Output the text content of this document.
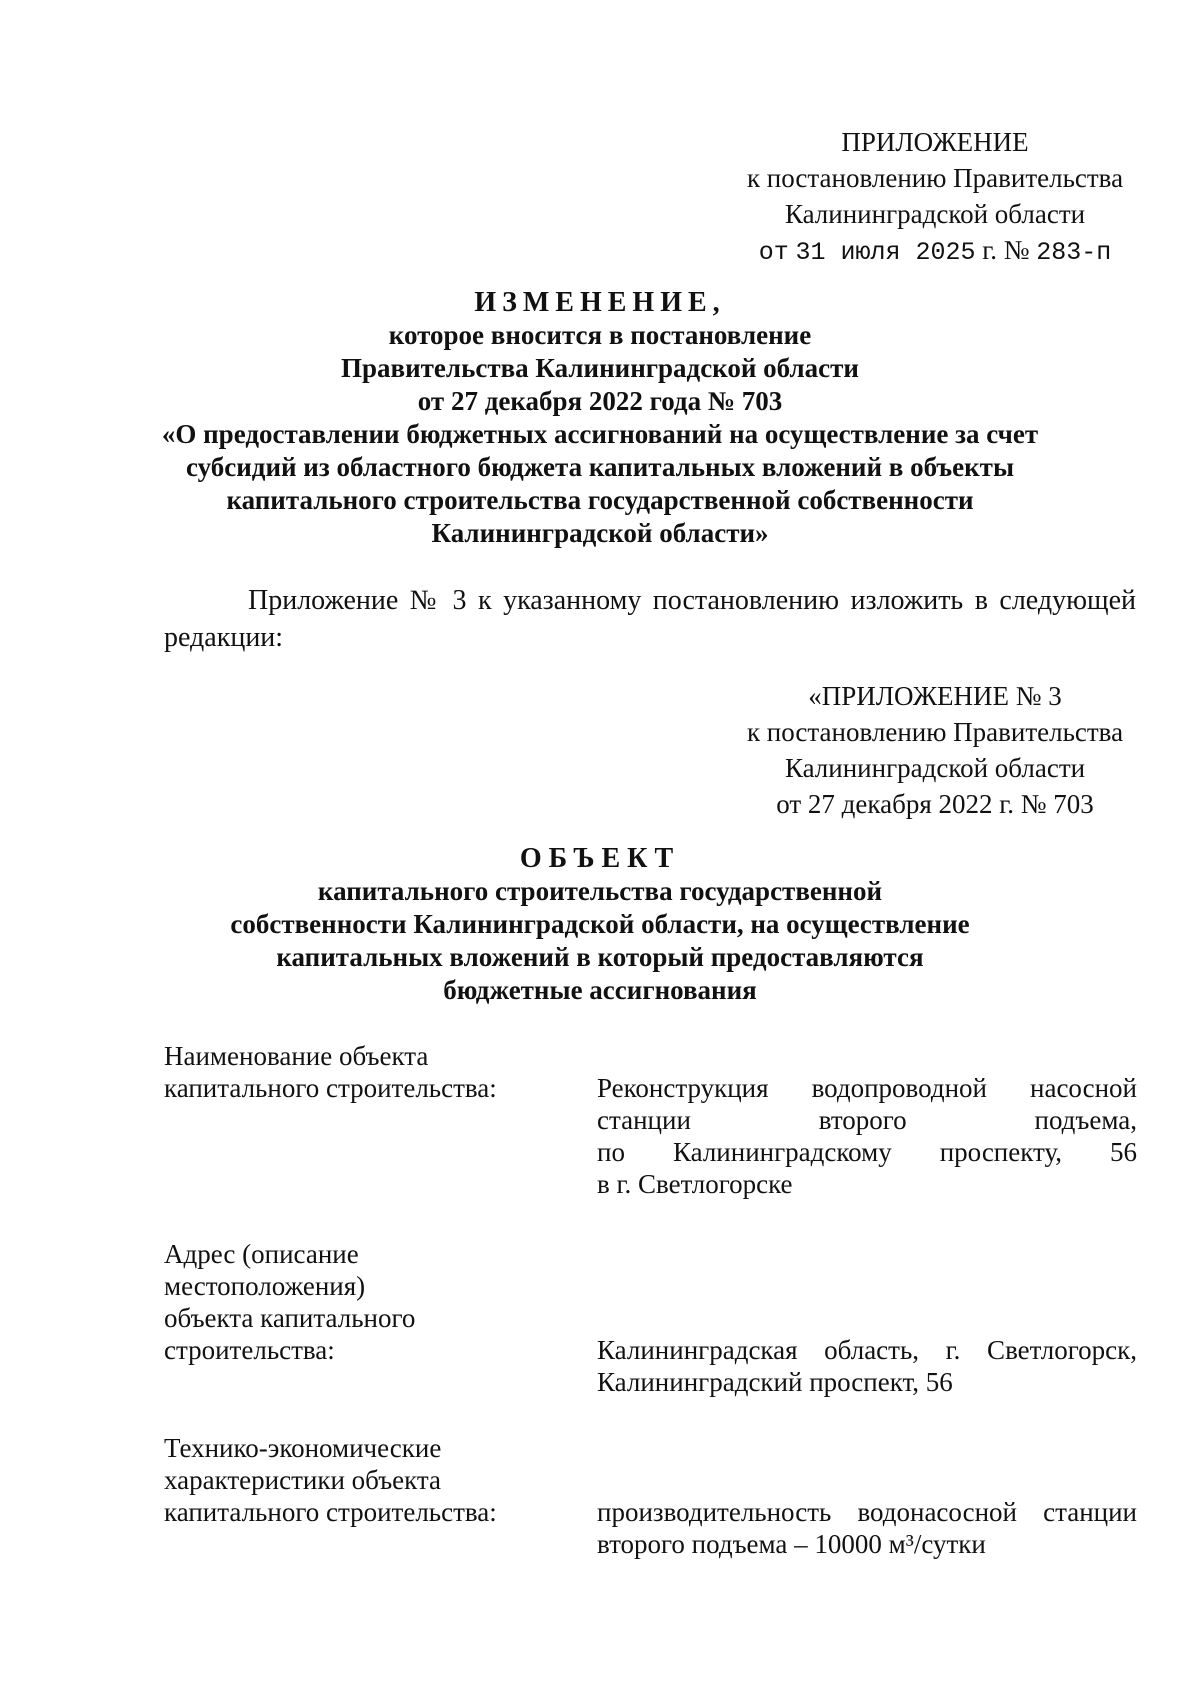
ПРИЛОЖЕНИЕ
к постановлению Правительства
Калининградской области
от 31 июля 2025 г. № 283-п
ИЗМЕНЕНИЕ,
которое вносится в постановление
Правительства Калининградской области
от 27 декабря 2022 года № 703
«О предоставлении бюджетных ассигнований на осуществление за счет
субсидий из областного бюджета капитальных вложений в объекты
капитального строительства государственной собственности
Калининградской области»
Приложение № 3 к указанному постановлению изложить в следующей
редакции:
«ПРИЛОЖЕНИЕ № 3
к постановлению Правительства
Калининградской области
от 27 декабря 2022 г. № 703
ОБЪЕКТ
капитального строительства государственной
собственности Калининградской области, на осуществление
капитальных вложений в который предоставляются
бюджетные ассигнования
Наименование объекта
капитального строительства:	Реконструкция водопроводной насосной
станции второго подъема,
по Калининградскому проспекту, 56
в г. Светлогорске
Адрес (описание
местоположения)
объекта капитального
строительства:	Калининградская область, г. Светлогорск,
Калининградский проспект, 56
Технико-экономические
характеристики объекта
капитального строительства:	производительность водонасосной станции
второго подъема – 10000 м³/сутки
